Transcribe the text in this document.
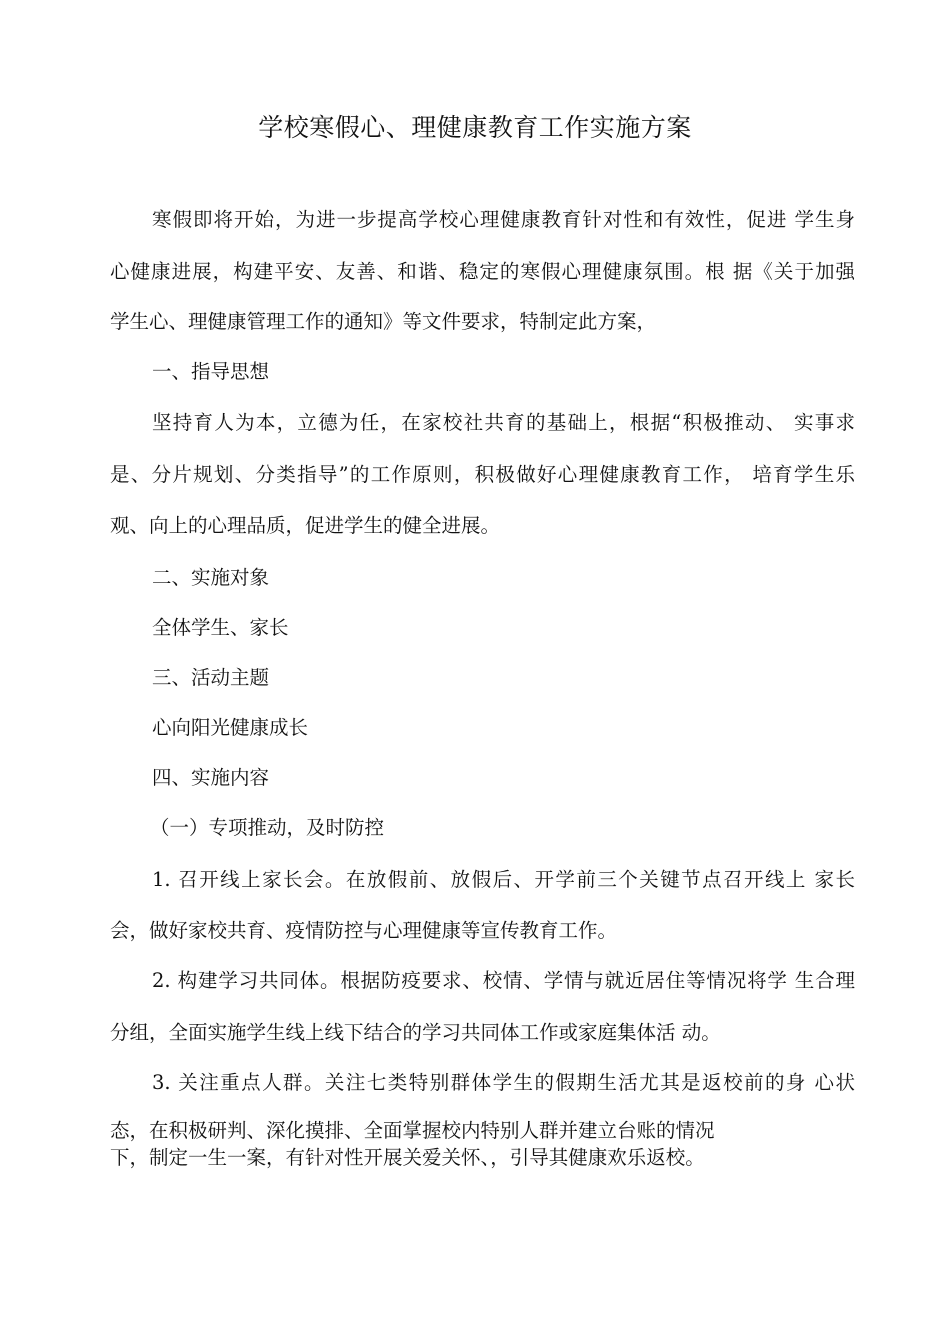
学校寒假心、理健康教育工作实施方案
寒假即将开始，为进一步提高学校心理健康教育针对性和有效性，促进 学生身
心健康进展，构建平安、友善、和谐、稳定的寒假心理健康氛围。根 据《关于加强
学生心、理健康管理工作的通知》等文件要求，特制定此方案，
一、指导思想
坚持育人为本，立德为任，在家校社共育的基础上，根据“积极推动、 实事求
是、分片规划、分类指导”的工作原则，积极做好心理健康教育工作， 培育学生乐
观、向上的心理品质，促进学生的健全进展。
二、实施对象
全体学生、家长
三、活动主题
心向阳光健康成长
四、实施内容
（一）专项推动，及时防控
1. 召开线上家长会。在放假前、放假后、开学前三个关键节点召开线上 家长
会，做好家校共育、疫情防控与心理健康等宣传教育工作。
2. 构建学习共同体。根据防疫要求、校情、学情与就近居住等情况将学 生合理
分组，全面实施学生线上线下结合的学习共同体工作或家庭集体活 动。
3. 关注重点人群。关注七类特别群体学生的假期生活尤其是返校前的身 心状
态，在积极研判、深化摸排、全面掌握校内特别人群并建立台账的情况
下，制定一生一案，有针对性开展关爱关怀、，引导其健康欢乐返校。
